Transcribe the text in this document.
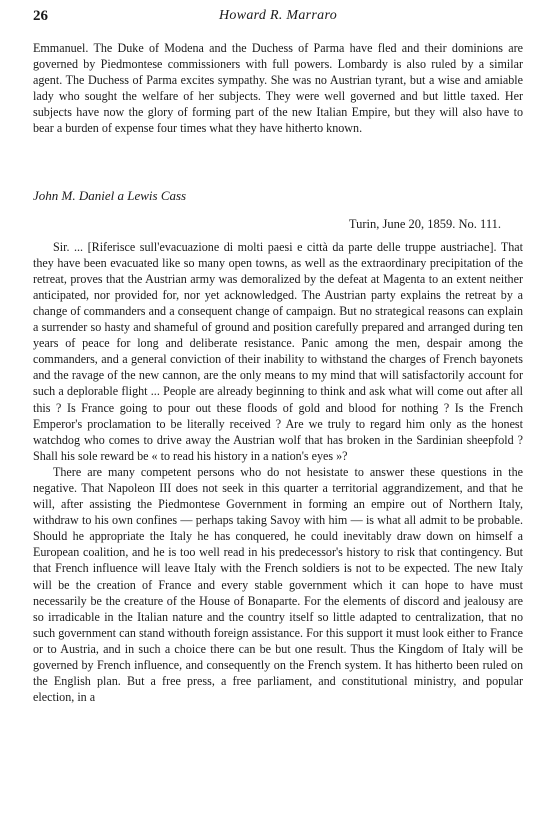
26	Howard R. Marraro

Emmanuel. The Duke of Modena and the Duchess of Parma have fled and their dominions are governed by Piedmontese commissioners with full powers. Lombardy is also ruled by a similar agent. The Duchess of Parma excites sympathy. She was no Austrian tyrant, but a wise and amiable lady who sought the welfare of her subjects. They were well governed and but little taxed. Her subjects have now the glory of forming part of the new Italian Empire, but they will also have to bear a burden of expense four times what they have hitherto known.

John M. Daniel a Lewis Cass

Turin, June 20, 1859. No. 111.

Sir. ... [Riferisce sull'evacuazione di molti paesi e città da parte delle truppe austriache]. That they have been evacuated like so many open towns, as well as the extraordinary precipitation of the retreat, proves that the Austrian army was demoralized by the defeat at Magenta to an extent neither anticipated, nor provided for, nor yet acknowledged. The Austrian party explains the retreat by a change of commanders and a consequent change of campaign. But no strategical reasons can explain a surrender so hasty and shameful of ground and position carefully prepared and arranged during ten years of peace for long and deliberate resistance. Panic among the men, despair among the commanders, and a general conviction of their inability to withstand the charges of French bayonets and the ravage of the new cannon, are the only means to my mind that will satisfactorily account for such a deplorable flight ... People are already beginning to think and ask what will come out after all this ? Is France going to pour out these floods of gold and blood for nothing ? Is the French Emperor's proclamation to be literally received ? Are we truly to regard him only as the honest watchdog who comes to drive away the Austrian wolf that has broken in the Sardinian sheepfold ? Shall his sole reward be « to read his history in a nation's eyes »?

There are many competent persons who do not hesistate to answer these questions in the negative. That Napoleon III does not seek in this quarter a territorial aggrandizement, and that he will, after assisting the Piedmontese Government in forming an empire out of Northern Italy, withdraw to his own confines — perhaps taking Savoy with him — is what all admit to be probable. Should he appropriate the Italy he has conquered, he could inevitably draw down on himself a European coalition, and he is too well read in his predecessor's history to risk that contingency. But that French influence will leave Italy with the French soldiers is not to be expected. The new Italy will be the creation of France and every stable government which it can hope to have must necessarily be the creature of the House of Bonaparte. For the elements of discord and jealousy are so irradicable in the Italian nature and the country itself so little adapted to centralization, that no such government can stand withouth foreign assistance. For this support it must look either to France or to Austria, and in such a choice there can be but one result. Thus the Kingdom of Italy will be governed by French influence, and consequently on the French system. It has hitherto been ruled on the English plan. But a free press, a free parliament, and constitutional ministry, and popular election, in a
